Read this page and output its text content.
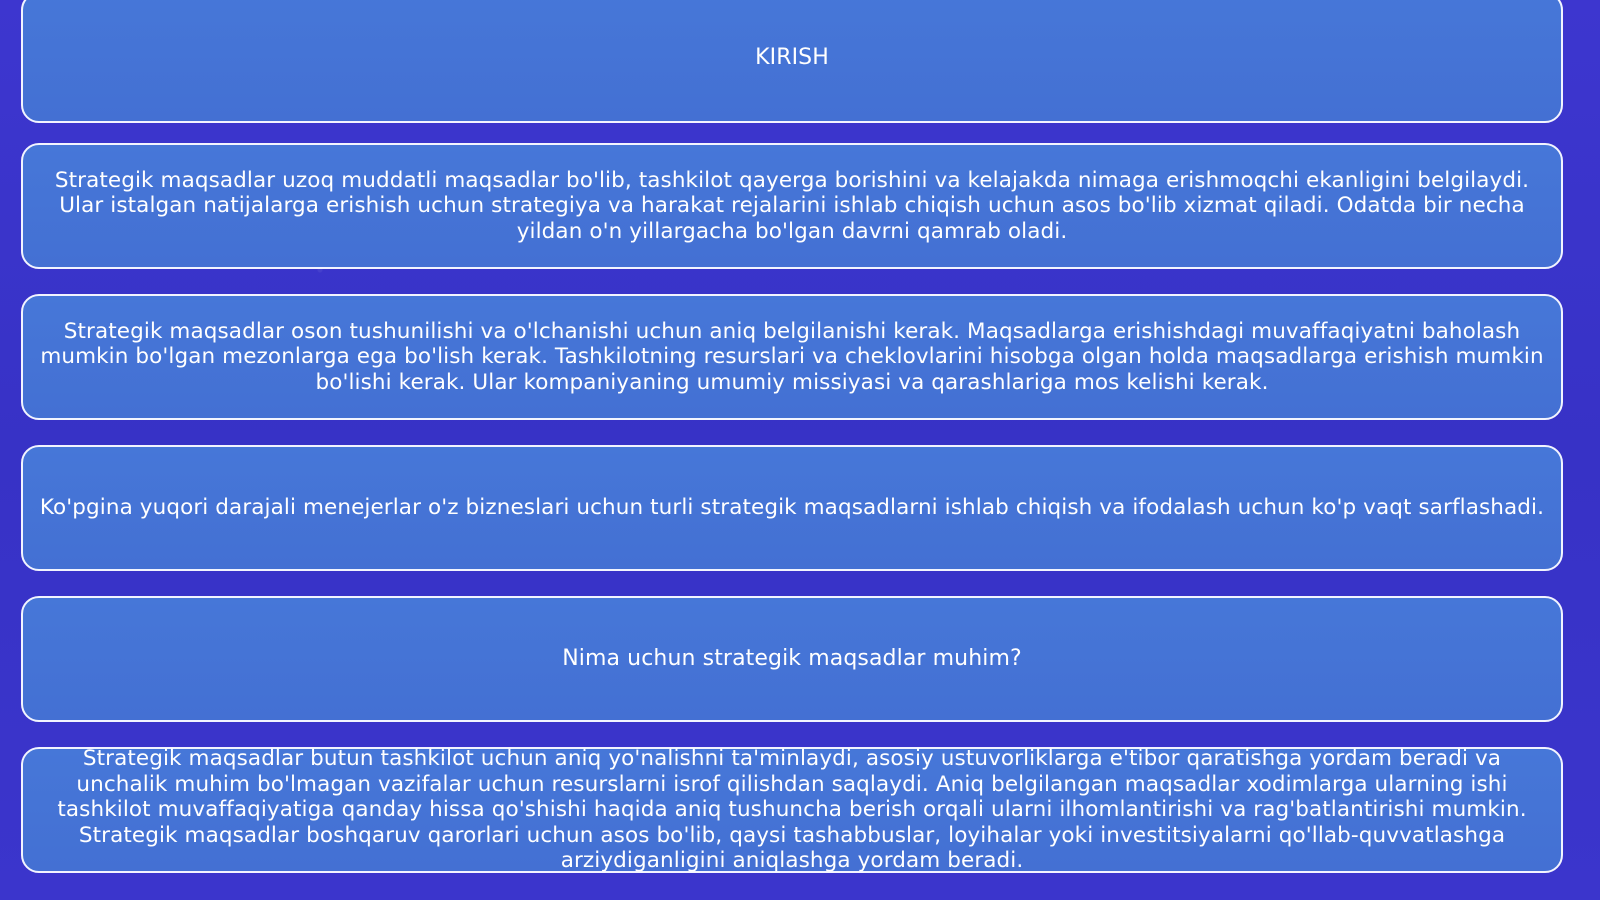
KIRISH

Strategik maqsadlar uzoq muddatli maqsadlar bo'lib, tashkilot qayerga borishini va kelajakda nimaga erishmoqchi ekanligini belgilaydi. Ular istalgan natijalarga erishish uchun strategiya va harakat rejalarini ishlab chiqish uchun asos bo'lib xizmat qiladi. Odatda bir necha yildan o'n yillargacha bo'lgan davrni qamrab oladi.

Strategik maqsadlar oson tushunilishi va o'lchanishi uchun aniq belgilanishi kerak. Maqsadlarga erishishdagi muvaffaqiyatni baholash mumkin bo'lgan mezonlarga ega bo'lish kerak. Tashkilotning resurslari va cheklovlarini hisobga olgan holda maqsadlarga erishish mumkin bo'lishi kerak. Ular kompaniyaning umumiy missiyasi va qarashlariga mos kelishi kerak.

Ko'pgina yuqori darajali menejerlar o'z bizneslari uchun turli strategik maqsadlarni ishlab chiqish va ifodalash uchun ko'p vaqt sarflashadi.

Nima uchun strategik maqsadlar muhim?

Strategik maqsadlar butun tashkilot uchun aniq yo'nalishni ta'minlaydi, asosiy ustuvorliklarga e'tibor qaratishga yordam beradi va unchalik muhim bo'lmagan vazifalar uchun resurslarni isrof qilishdan saqlaydi. Aniq belgilangan maqsadlar xodimlarga ularning ishi tashkilot muvaffaqiyatiga qanday hissa qo'shishi haqida aniq tushuncha berish orqali ularni ilhomlantirishi va rag'batlantirishi mumkin. Strategik maqsadlar boshqaruv qarorlari uchun asos bo'lib, qaysi tashabbuslar, loyihalar yoki investitsiyalarni qo'llab-quvvatlashga arziydiganligini aniqlashga yordam beradi.
